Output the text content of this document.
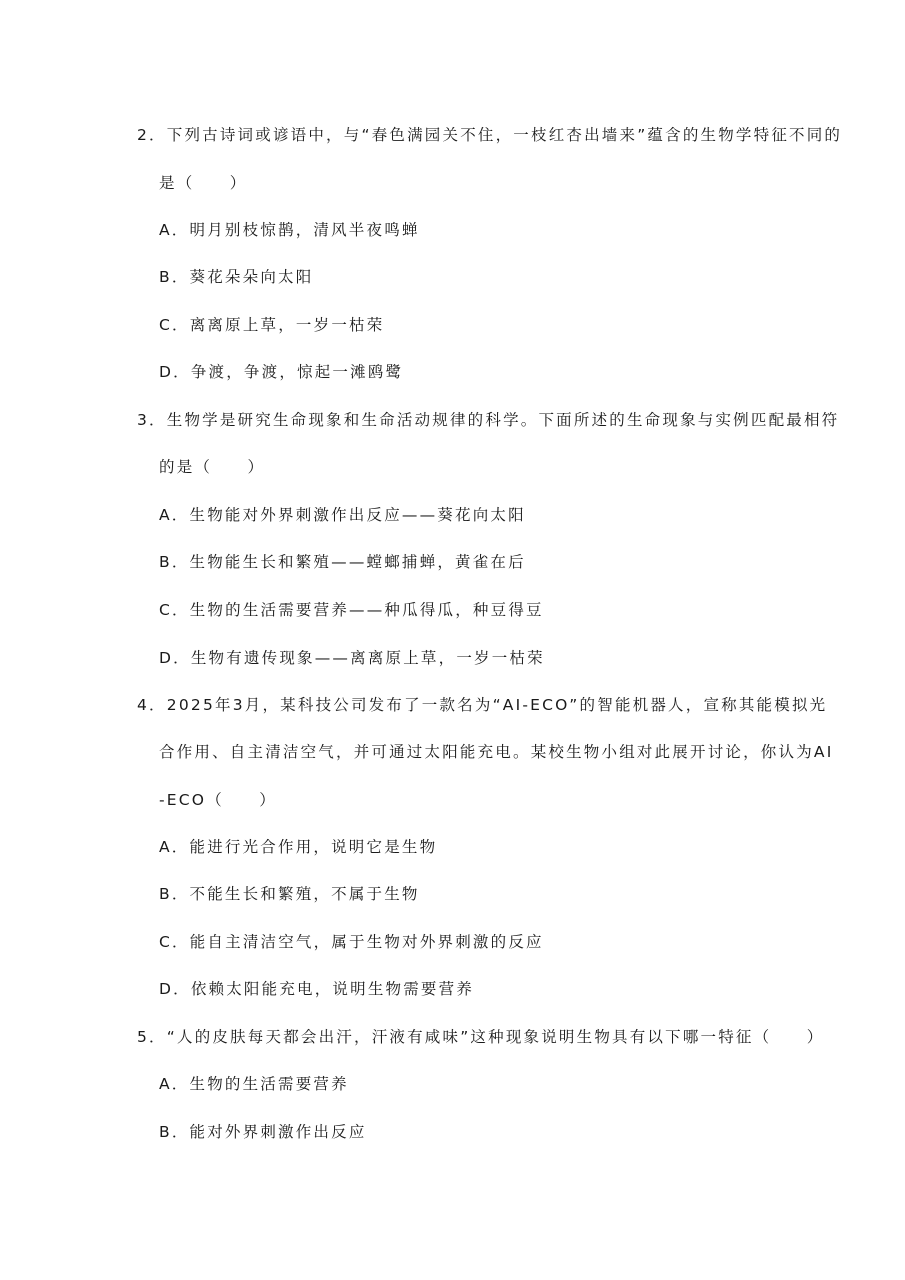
2．下列古诗词或谚语中，与“春色满园关不住，一枝红杏出墙来”蕴含的生物学特征不同的
是（　　）
A．明月别枝惊鹊，清风半夜鸣蝉
B．葵花朵朵向太阳
C．离离原上草，一岁一枯荣
D．争渡，争渡，惊起一滩鸥鹭
3．生物学是研究生命现象和生命活动规律的科学。下面所述的生命现象与实例匹配最相符
的是（　　）
A．生物能对外界刺激作出反应——葵花向太阳
B．生物能生长和繁殖——螳螂捕蝉，黄雀在后
C．生物的生活需要营养——种瓜得瓜，种豆得豆
D．生物有遗传现象——离离原上草，一岁一枯荣
4．2025年3月，某科技公司发布了一款名为“AI-ECO”的智能机器人，宣称其能模拟光
合作用、自主清洁空气，并可通过太阳能充电。某校生物小组对此展开讨论，你认为AI
-ECO（　　）
A．能进行光合作用，说明它是生物
B．不能生长和繁殖，不属于生物
C．能自主清洁空气，属于生物对外界刺激的反应
D．依赖太阳能充电，说明生物需要营养
5．“人的皮肤每天都会出汗，汗液有咸味”这种现象说明生物具有以下哪一特征（　　）
A．生物的生活需要营养
B．能对外界刺激作出反应
